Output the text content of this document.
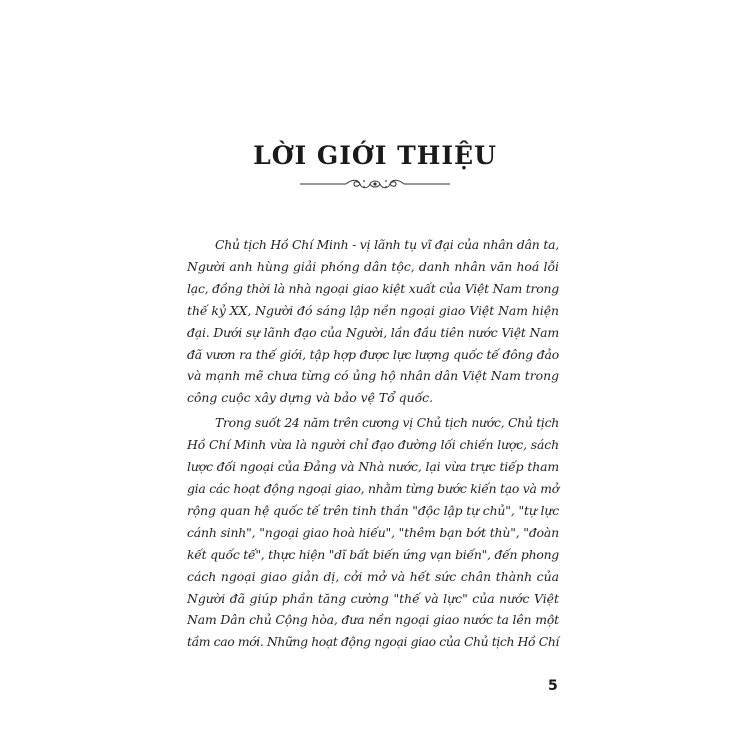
LỜI GIỚI THIỆU
Chủ tịch Hồ Chí Minh - vị lãnh tụ vĩ đại của nhân dân ta,
Người anh hùng giải phóng dân tộc, danh nhân văn hoá lỗi
lạc, đồng thời là nhà ngoại giao kiệt xuất của Việt Nam trong
thế kỷ XX, Người đó sáng lập nền ngoại giao Việt Nam hiện
đại. Dưới sự lãnh đạo của Người, lần đầu tiên nước Việt Nam
đã vươn ra thế giới, tập hợp được lực lượng quốc tế đông đảo
và mạnh mẽ chưa từng có ủng hộ nhân dân Việt Nam trong
công cuộc xây dựng và bảo vệ Tổ quốc.
Trong suốt 24 năm trên cương vị Chủ tịch nước, Chủ tịch
Hồ Chí Minh vừa là người chỉ đạo đường lối chiến lược, sách
lược đối ngoại của Đảng và Nhà nước, lại vừa trực tiếp tham
gia các hoạt động ngoại giao, nhằm từng bước kiến tạo và mở
rộng quan hệ quốc tế trên tinh thần "độc lập tự chủ", "tự lực
cánh sinh", "ngoại giao hoà hiếu", "thêm bạn bớt thù", "đoàn
kết quốc tế", thực hiện "dĩ bất biến ứng vạn biến", đến phong
cách ngoại giao giản dị, cởi mở và hết sức chân thành của
Người đã giúp phần tăng cường "thế và lực" của nước Việt
Nam Dân chủ Cộng hòa, đưa nền ngoại giao nước ta lên một
tầm cao mới. Những hoạt động ngoại giao của Chủ tịch Hồ Chí
5
